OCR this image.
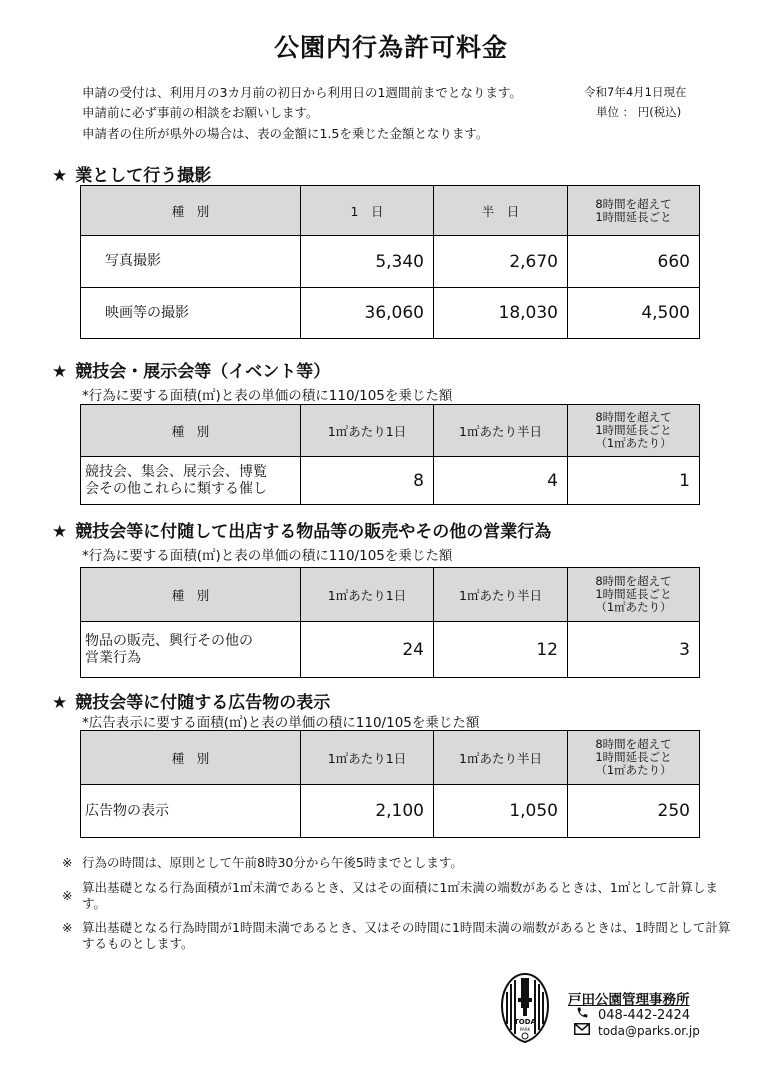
公園内行為許可料金
申請の受付は、利用月の3カ月前の初日から利用日の1週間前までとなります。
申請前に必ず事前の相談をお願いします。
申請者の住所が県外の場合は、表の金額に1.5を乗じた金額となります。
令和7年4月1日現在
単位 ： 円(税込)
★ 業として行う撮影
種　別	1　日	半　日	8時間を超えて
1時間延長ごと
写真撮影	5,340	2,670	660
映画等の撮影	36,060	18,030	4,500
★ 競技会・展示会等（イベント等）
*行為に要する面積(㎡)と表の単価の積に110/105を乗じた額
種　別	1㎡あたり1日	1㎡あたり半日	8時間を超えて
1時間延長ごと
（1㎡あたり）
競技会、集会、展示会、博覧
会その他これらに類する催し	8	4	1
★ 競技会等に付随して出店する物品等の販売やその他の営業行為
*行為に要する面積(㎡)と表の単価の積に110/105を乗じた額
種　別	1㎡あたり1日	1㎡あたり半日	8時間を超えて
1時間延長ごと
（1㎡あたり）
物品の販売、興行その他の
営業行為	24	12	3
★ 競技会等に付随する広告物の表示
*広告表示に要する面積(㎡)と表の単価の積に110/105を乗じた額
種　別	1㎡あたり1日	1㎡あたり半日	8時間を超えて
1時間延長ごと
（1㎡あたり）
広告物の表示	2,100	1,050	250
※ 行為の時間は、原則として午前8時30分から午後5時までとします。
※
算出基礎となる行為面積が1㎡未満であるとき、又はその面積に1㎡未満の端数があるときは、1㎡として計算します。
※ 算出基礎となる行為時間が1時間未満であるとき、又はその時間に1時間未満の端数があるときは、1時間として計算するものとします。
TODA
PARK
戸田公園管理事務所
048-442-2424
toda@parks.or.jp
